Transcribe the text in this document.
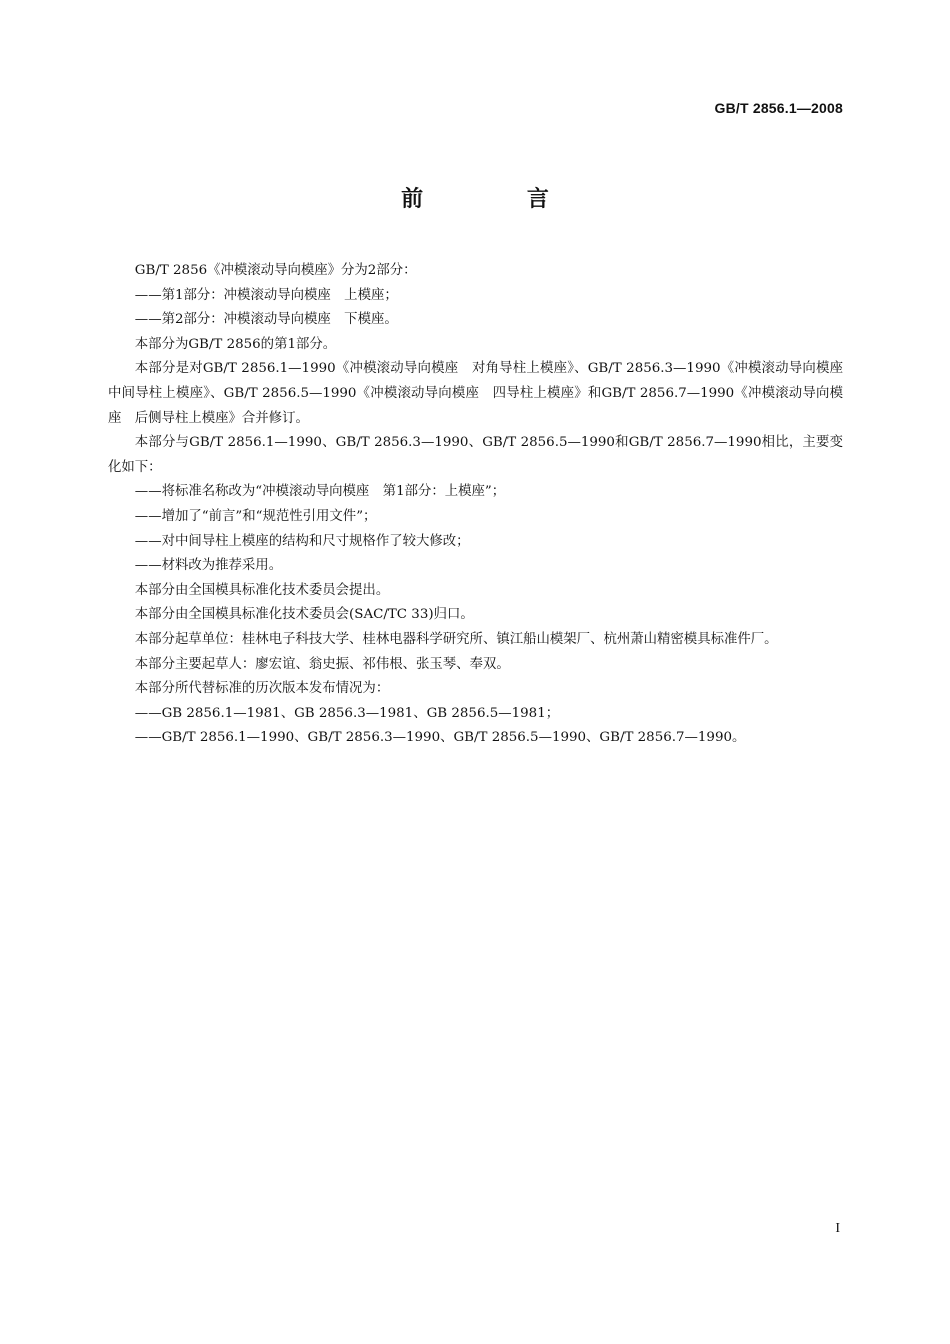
GB/T 2856.1—2008
前 言

GB/T 2856《冲模滚动导向模座》分为2部分：

——第1部分：冲模滚动导向模座　上模座；

——第2部分：冲模滚动导向模座　下模座。

本部分为GB/T 2856的第1部分。

本部分是对GB/T 2856.1—1990《冲模滚动导向模座　对角导柱上模座》、GB/T 2856.3—1990《冲模滚动导向模座　中间导柱上模座》、GB/T 2856.5—1990《冲模滚动导向模座　四导柱上模座》和GB/T 2856.7—1990《冲模滚动导向模座　后侧导柱上模座》合并修订。

本部分与GB/T 2856.1—1990、GB/T 2856.3—1990、GB/T 2856.5—1990和GB/T 2856.7—1990相比，主要变化如下：

——将标准名称改为“冲模滚动导向模座　第1部分：上模座”；

——增加了“前言”和“规范性引用文件”；

——对中间导柱上模座的结构和尺寸规格作了较大修改；

——材料改为推荐采用。

本部分由全国模具标准化技术委员会提出。

本部分由全国模具标准化技术委员会(SAC/TC 33)归口。

本部分起草单位：桂林电子科技大学、桂林电器科学研究所、镇江船山模架厂、杭州萧山精密模具标准件厂。

本部分主要起草人：廖宏谊、翁史振、祁伟根、张玉琴、奉双。

本部分所代替标准的历次版本发布情况为：

——GB 2856.1—1981、GB 2856.3—1981、GB 2856.5—1981；

——GB/T 2856.1—1990、GB/T 2856.3—1990、GB/T 2856.5—1990、GB/T 2856.7—1990。

I
